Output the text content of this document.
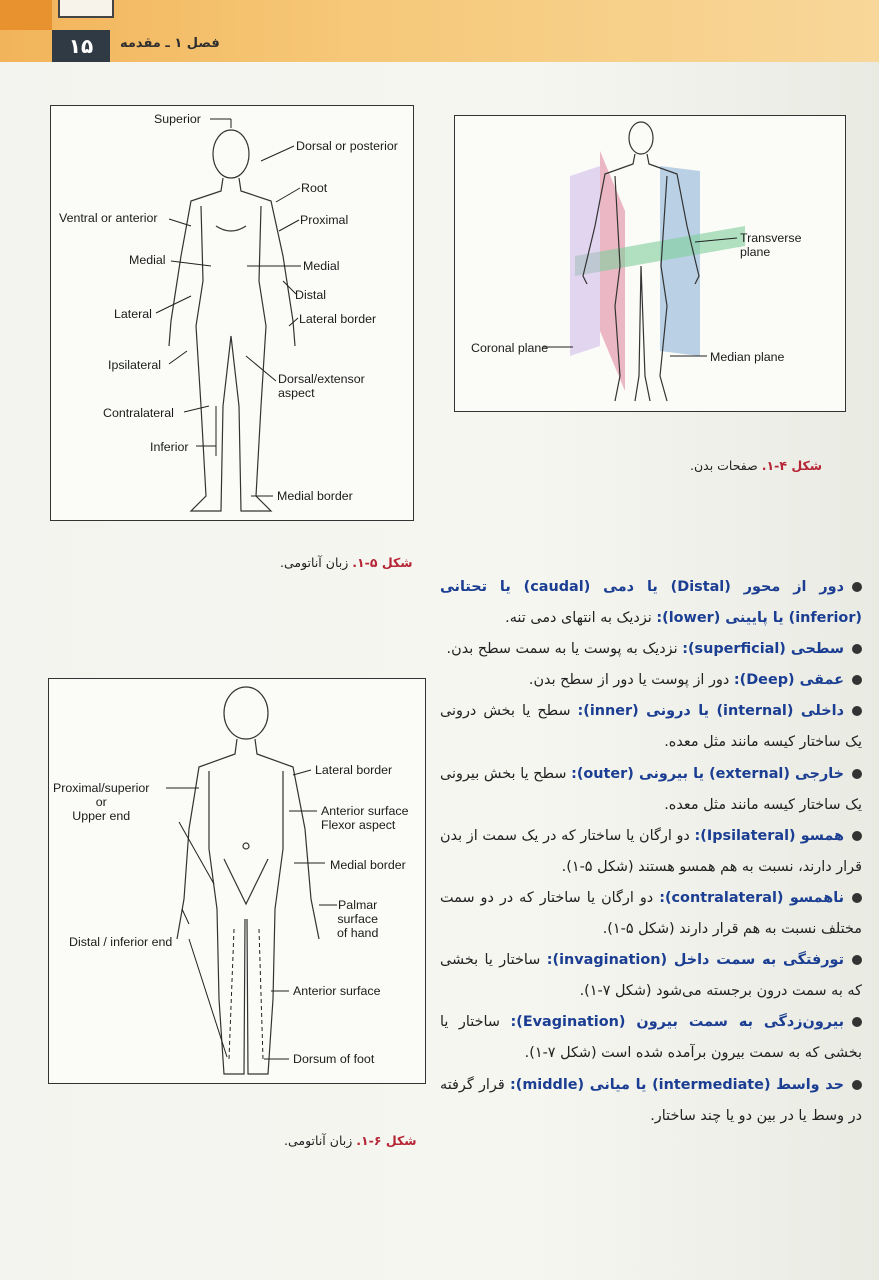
۱۵	فصل ۱ ـ مقدمه
Transverse
plane
Coronal plane
Median plane
شکل ۴-۱. صفحات بدن.
Superior
Dorsal or posterior
Root
Ventral or anterior	Proximal
Medial	Medial
Distal
Lateral	Lateral border
Ipsilateral
Dorsal/extensor
aspect
Contralateral
Inferior
Medial border
شکل ۵-۱. زبان آناتومی.
Lateral border
Proximal/superior
or
Upper end	Anterior surface
Flexor aspect
Medial border
Palmar
surface
of hand
Distal / inferior end
Anterior surface
Dorsum of foot
شکل ۶-۱. زبان آناتومی.

دور از محور (Distal) یا دمی (caudal) یا تحتانی (inferior) یا پایینی (lower): نزدیک به انتهای دمی تنه.

سطحی (superficial): نزدیک به پوست یا به سمت سطح بدن.

عمقی (Deep): دور از پوست یا دور از سطح بدن.

داخلی (internal) یا درونی (inner): سطح یا بخش درونی یک ساختار کیسه مانند مثل معده.

خارجی (external) یا بیرونی (outer): سطح یا بخش بیرونی یک ساختار کیسه مانند مثل معده.

همسو (Ipsilateral): دو ارگان یا ساختار که در یک سمت از بدن قرار دارند، نسبت به هم همسو هستند (شکل ۵-۱).

ناهمسو (contralateral): دو ارگان یا ساختار که در دو سمت مختلف نسبت به هم قرار دارند (شکل ۵-۱).

تورفتگی به سمت داخل (invagination): ساختار یا بخشی که به سمت درون برجسته می‌شود (شکل ۷-۱).

بیرون‌زدگی به سمت بیرون (Evagination): ساختار یا بخشی که به سمت بیرون برآمده شده است (شکل ۷-۱).

حد واسط (intermediate) یا میانی (middle): قرار گرفته در وسط یا در بین دو یا چند ساختار.
